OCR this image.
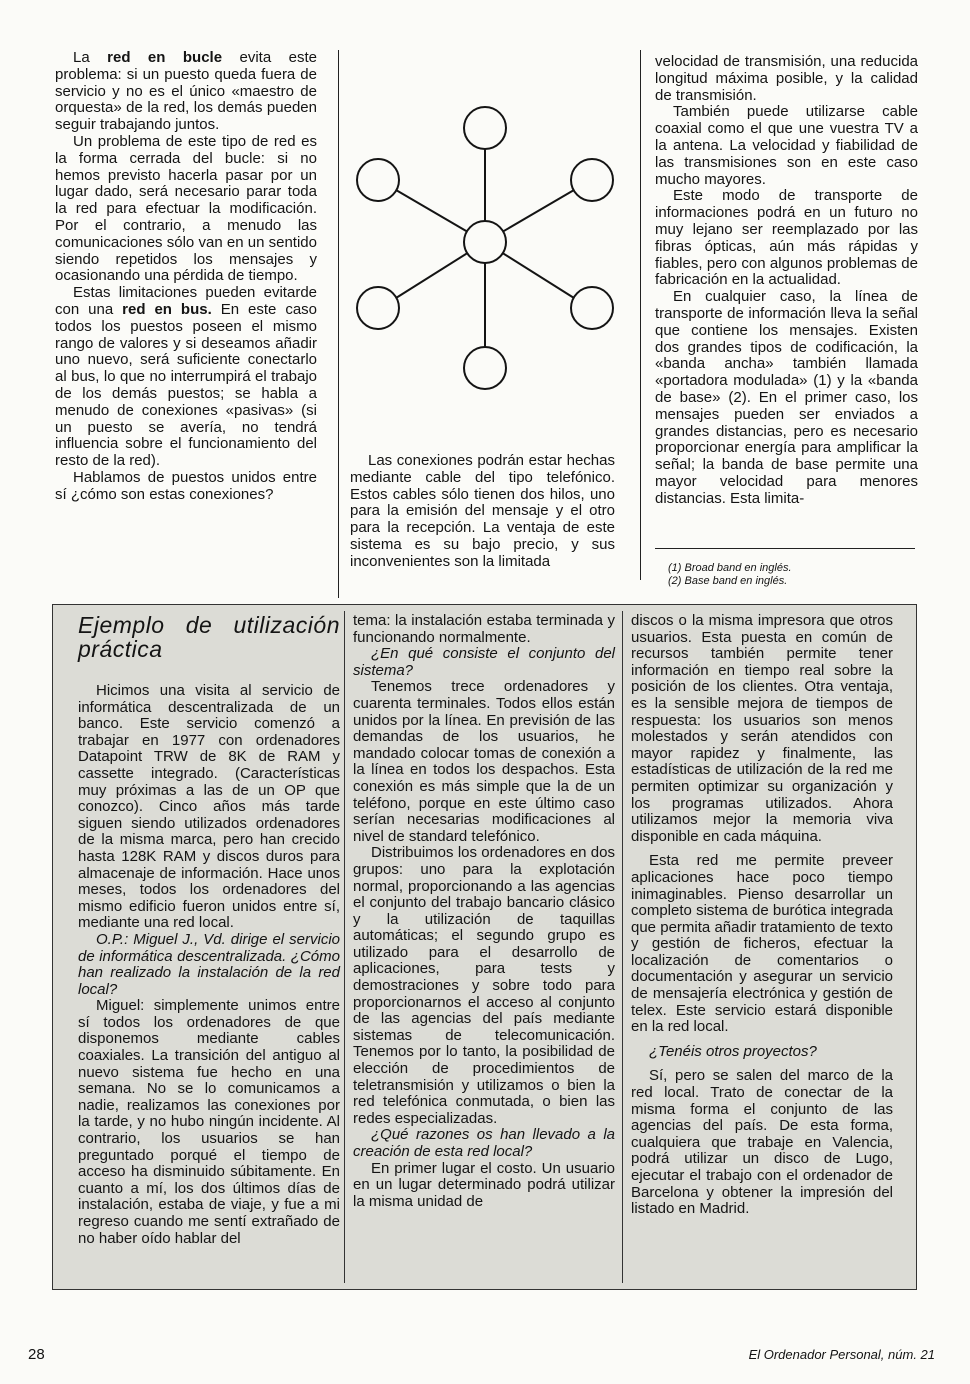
La red en bucle evita este problema: si un puesto queda fuera de servicio y no es el único «maestro de orquesta» de la red, los demás pueden seguir trabajando juntos.

Un problema de este tipo de red es la forma cerrada del bucle: si no hemos previsto hacerla pasar por un lugar dado, será necesario parar toda la red para efectuar la modificación. Por el contrario, a menudo las comunicaciones sólo van en un sentido siendo repetidos los mensajes y ocasionando una pérdida de tiempo.

Estas limitaciones pueden evitarde con una red en bus. En este caso todos los puestos poseen el mismo rango de valores y si deseamos añadir uno nuevo, será suficiente conectarlo al bus, lo que no interrumpirá el trabajo de los demás puestos; se habla a menudo de conexiones «pasivas» (si un puesto se avería, no tendrá influencia sobre el funcionamiento del resto de la red).

Hablamos de puestos unidos entre sí ¿cómo son estas conexiones?

Las conexiones podrán estar hechas mediante cable del tipo telefónico. Estos cables sólo tienen dos hilos, uno para la emisión del mensaje y el otro para la recepción. La ventaja de este sistema es su bajo precio, y sus inconvenientes son la limitada

velocidad de transmisión, una reducida longitud máxima posible, y la calidad de transmisión.

También puede utilizarse cable coaxial como el que une vuestra TV a la antena. La velocidad y fiabilidad de las transmisiones son en este caso mucho mayores.

Este modo de transporte de informaciones podrá en un futuro no muy lejano ser reemplazado por las fibras ópticas, aún más rápidas y fiables, pero con algunos problemas de fabricación en la actualidad.

En cualquier caso, la línea de transporte de información lleva la señal que contiene los mensajes. Existen dos grandes tipos de codificación, la «banda ancha» también llamada «portadora modulada» (1) y la «banda de base» (2). En el primer caso, los mensajes pueden ser enviados a grandes distancias, pero es necesario proporcionar energía para amplificar la señal; la banda de base permite una mayor velocidad para menores distancias. Esta limita-

(1) Broad band en inglés.
(2) Base band en inglés.
Ejemplo de utilización práctica

Hicimos una visita al servicio de informática descentralizada de un banco. Este servicio comenzó a trabajar en 1977 con ordenadores Datapoint TRW de 8K de RAM y cassette integrado. (Características muy próximas a las de un OP que conozco). Cinco años más tarde siguen siendo utilizados ordenadores de la misma marca, pero han crecido hasta 128K RAM y discos duros para almacenaje de información. Hace unos meses, todos los ordenadores del mismo edificio fueron unidos entre sí, mediante una red local.

O.P.: Miguel J., Vd. dirige el servicio de informática descentralizada. ¿Cómo han realizado la instalación de la red local?

Miguel: simplemente unimos entre sí todos los ordenadores de que disponemos mediante cables coaxiales. La transición del antiguo al nuevo sistema fue hecho en una semana. No se lo comunicamos a nadie, realizamos las conexiones por la tarde, y no hubo ningún incidente. Al contrario, los usuarios se han preguntado porqué el tiempo de acceso ha disminuido súbitamente. En cuanto a mí, los dos últimos días de instalación, estaba de viaje, y fue a mi regreso cuando me sentí extrañado de no haber oído hablar del

tema: la instalación estaba terminada y funcionando normalmente.

¿En qué consiste el conjunto del sistema?

Tenemos trece ordenadores y cuarenta terminales. Todos ellos están unidos por la línea. En previsión de las demandas de los usuarios, he mandado colocar tomas de conexión a la línea en todos los despachos. Esta conexión es más simple que la de un teléfono, porque en este último caso serían necesarias modificaciones al nivel de standard telefónico.

Distribuimos los ordenadores en dos grupos: uno para la explotación normal, proporcionando a las agencias el conjunto del trabajo bancario clásico y la utilización de taquillas automáticas; el segundo grupo es utilizado para el desarrollo de aplicaciones, para tests y demostraciones y sobre todo para proporcionarnos el acceso al conjunto de las agencias del país mediante sistemas de telecomunicación. Tenemos por lo tanto, la posibilidad de elección de procedimientos de teletransmisión y utilizamos o bien la red telefónica conmutada, o bien las redes especializadas.

¿Qué razones os han llevado a la creación de esta red local?

En primer lugar el costo. Un usuario en un lugar determinado podrá utilizar la misma unidad de

discos o la misma impresora que otros usuarios. Esta puesta en común de recursos también permite tener información en tiempo real sobre la posición de los clientes. Otra ventaja, es la sensible mejora de tiempos de respuesta: los usuarios son menos molestados y serán atendidos con mayor rapidez y finalmente, las estadísticas de utilización de la red me permiten optimizar su organización y los programas utilizados. Ahora utilizamos mejor la memoria viva disponible en cada máquina.

Esta red me permite preveer aplicaciones hace poco tiempo inimaginables. Pienso desarrollar un completo sistema de burótica integrada que permita añadir tratamiento de texto y gestión de ficheros, efectuar la localización de comentarios o documentación y asegurar un servicio de mensajería electrónica y gestión de telex. Este servicio estará disponible en la red local.

¿Tenéis otros proyectos?

Sí, pero se salen del marco de la red local. Trato de conectar de la misma forma el conjunto de las agencias del país. De esta forma, cualquiera que trabaje en Valencia, podrá utilizar un disco de Lugo, ejecutar el trabajo con el ordenador de Barcelona y obtener la impresión del listado en Madrid.

28	El Ordenador Personal, núm. 21
